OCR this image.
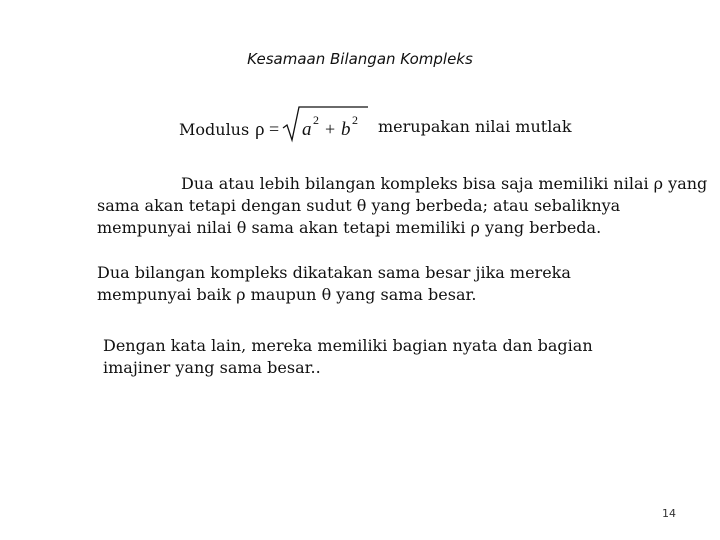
Kesamaan Bilangan Kompleks
Modulus ρ = a 2 + b 2 merupakan nilai mutlak
Dua atau lebih bilangan kompleks bisa saja memiliki nilai ρ yang
sama akan tetapi dengan sudut θ yang berbeda; atau sebaliknya
mempunyai nilai θ sama akan tetapi memiliki ρ yang berbeda.
Dua bilangan kompleks dikatakan sama besar jika mereka
mempunyai baik ρ maupun θ yang sama besar.
Dengan kata lain, mereka memiliki bagian nyata dan bagian
imajiner yang sama besar..
14
